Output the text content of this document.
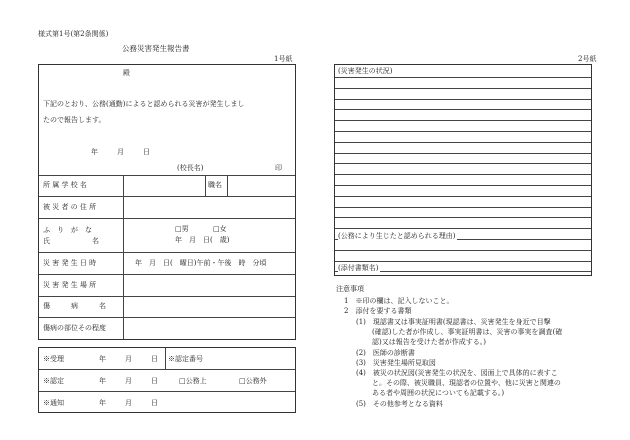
様式第1号(第2条関係)
公務災害発生報告書
1号紙	2号紙
殿
下記のとおり、公務(通勤)によると認められる災害が発生しまし
たので報告します。
年	月	日
(校長名)	印
所 属 学 校 名	職名
被 災 者 の 住 所
ふ　り　が　な
氏　　　　　　名
□男	□女
年　月　日(　歳)
災 害 発 生 日 時	年　月　日(　曜日)午前・午後　時　分頃
災 害 発 生 場 所
傷　　　病　　　名
傷病の部位その程度
※受理	年	月	日 ※認定番号
※認定	年	月	日	□公務上	□公務外
※通知	年	月	日
(災害発生の状況)
(公務により生じたと認められる理由)
(添付書類名)
注意事項
1　※印の欄は、記入しないこと。
2　添付を要する書類
(1)　現認書又は事実証明書(現認書は、災害発生を身近で目撃
(確認)した者が作成し、事実証明書は、災害の事実を調査(確
認)又は報告を受けた者が作成する。)
(2)　医師の診断書
(3)　災害発生場所見取図
(4)　被災の状況図(災害発生の状況を、図面上で具体的に表すこ
と。その際、被災職員、現認者の位置や、他に災害と関連の
ある者や周囲の状況についても記載する。)
(5)　その他参考となる資料
